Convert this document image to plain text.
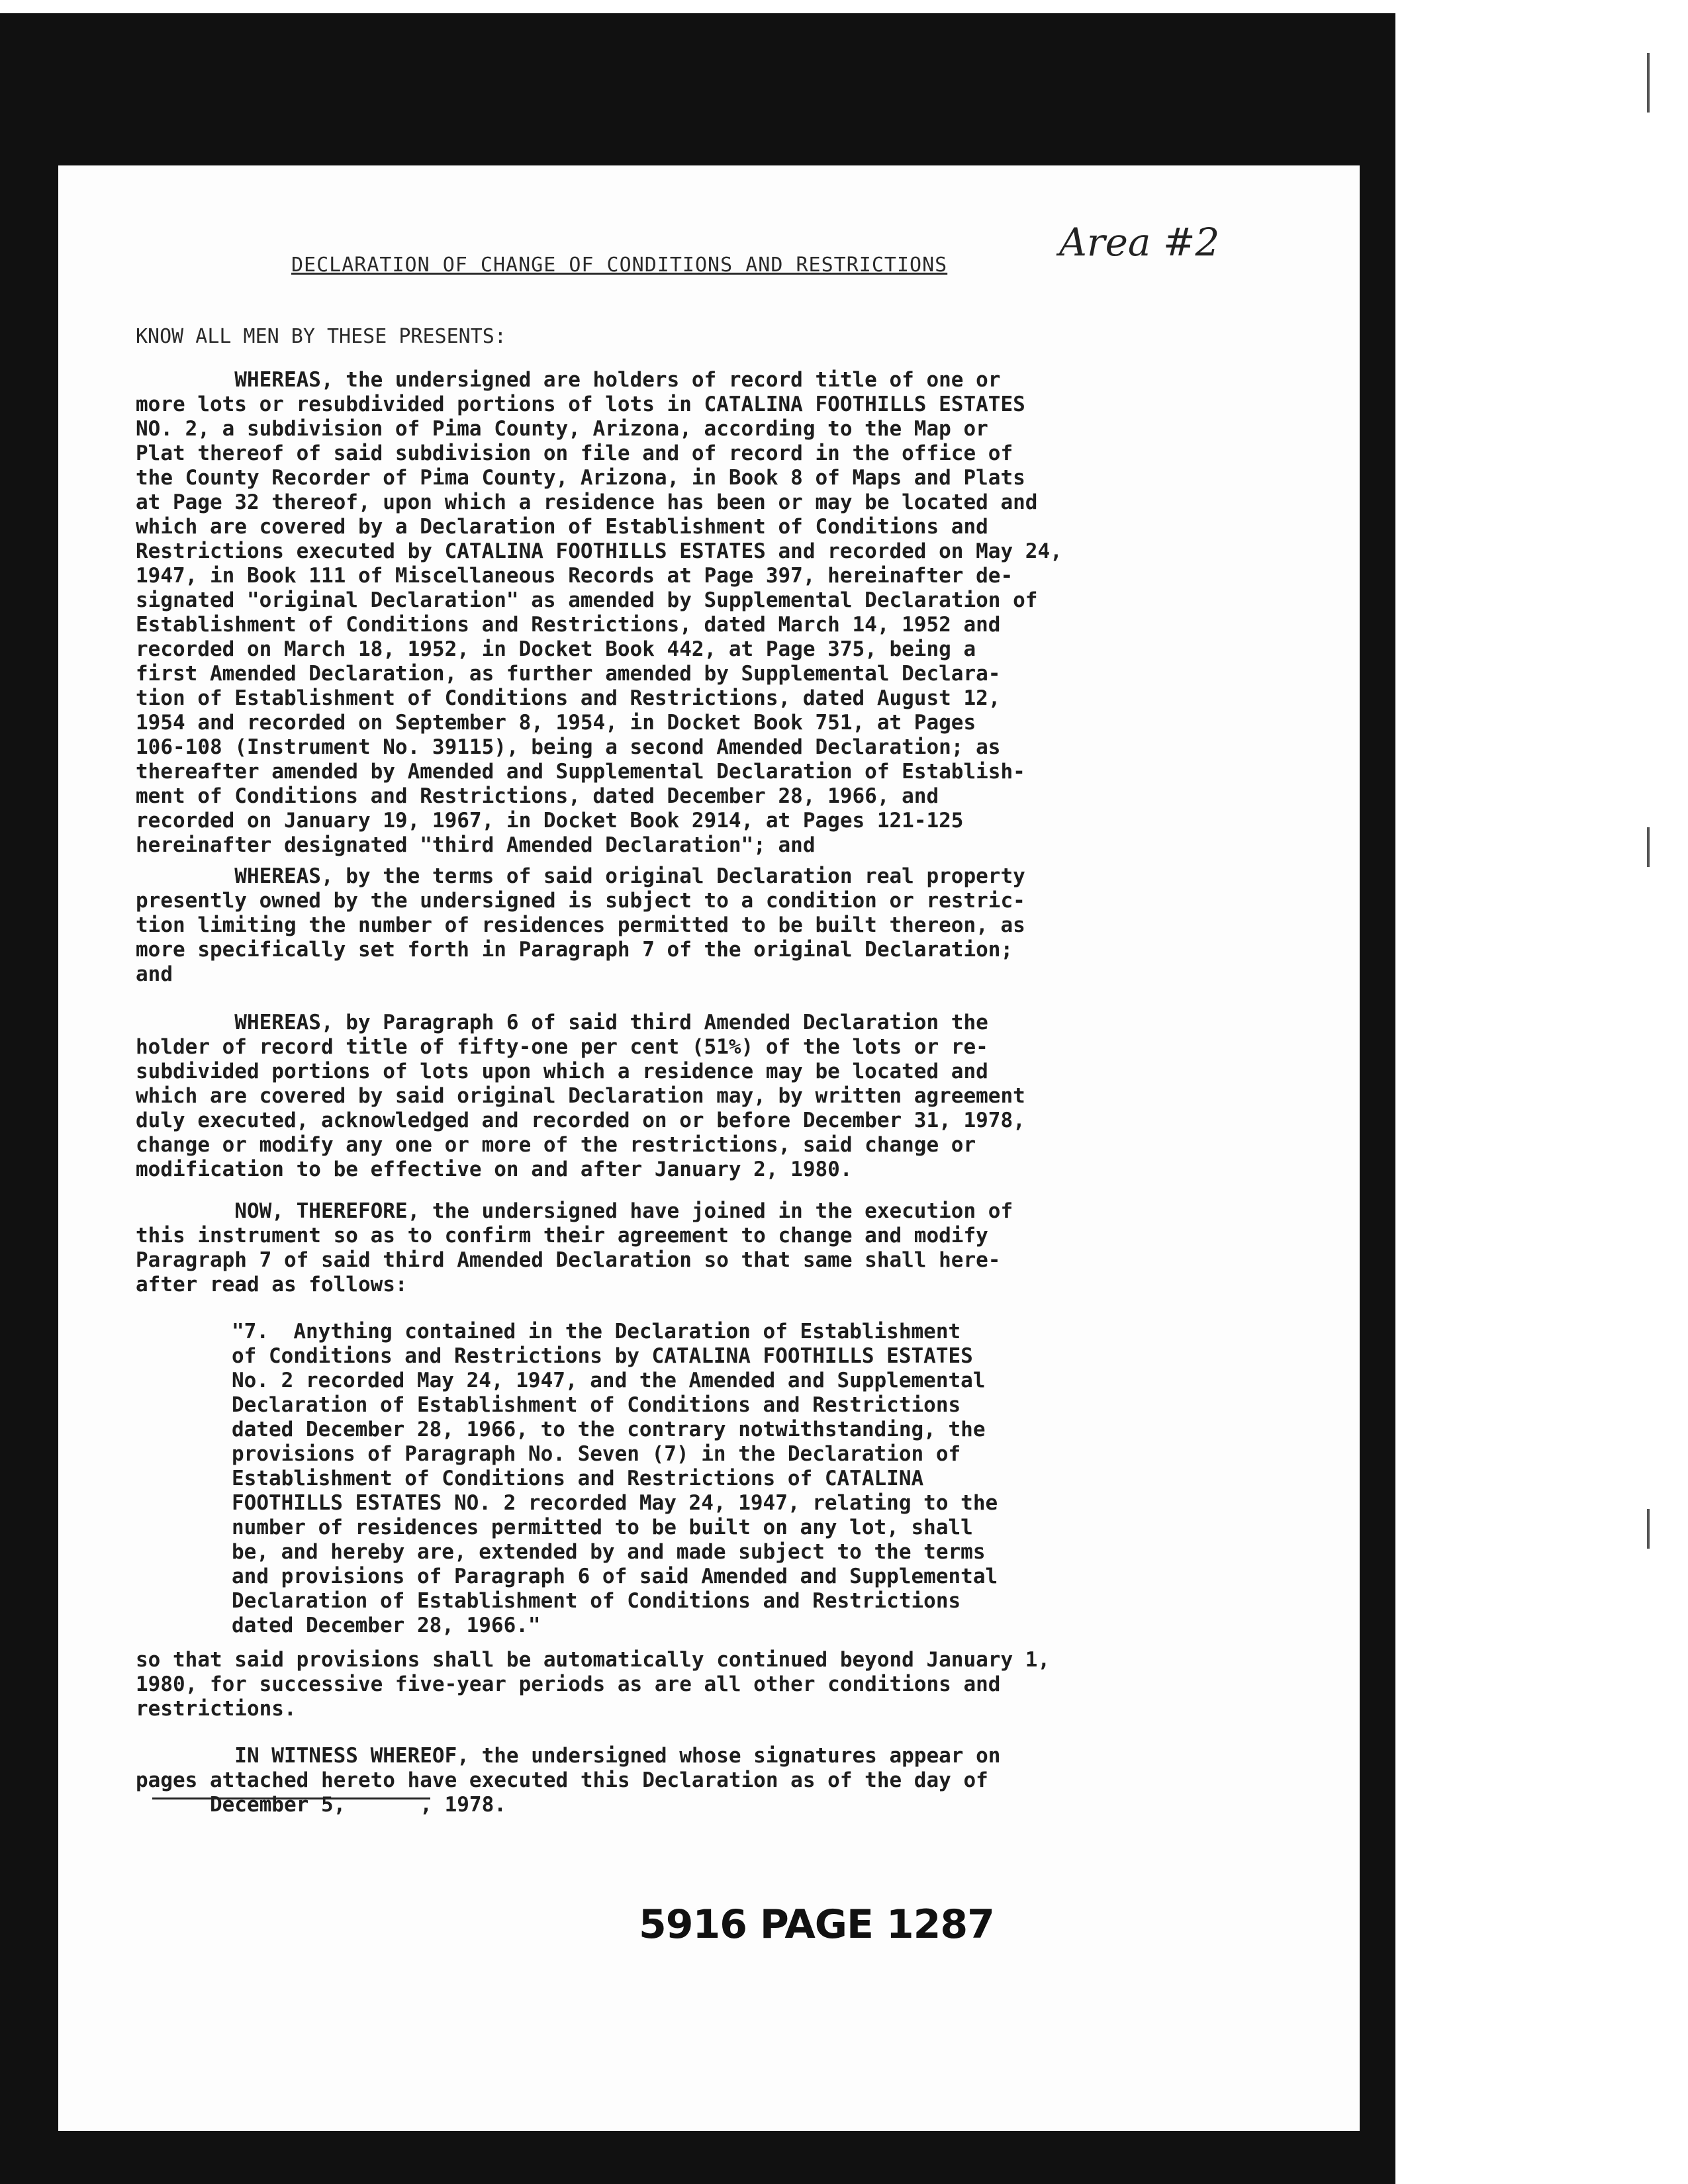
DECLARATION OF CHANGE OF CONDITIONS AND RESTRICTIONS
Area #2
KNOW ALL MEN BY THESE PRESENTS:
WHEREAS, the undersigned are holders of record title of one or
more lots or resubdivided portions of lots in CATALINA FOOTHILLS ESTATES
NO. 2, a subdivision of Pima County, Arizona, according to the Map or
Plat thereof of said subdivision on file and of record in the office of
the County Recorder of Pima County, Arizona, in Book 8 of Maps and Plats
at Page 32 thereof, upon which a residence has been or may be located and
which are covered by a Declaration of Establishment of Conditions and
Restrictions executed by CATALINA FOOTHILLS ESTATES and recorded on May 24,
1947, in Book 111 of Miscellaneous Records at Page 397, hereinafter de-
signated "original Declaration" as amended by Supplemental Declaration of
Establishment of Conditions and Restrictions, dated March 14, 1952 and
recorded on March 18, 1952, in Docket Book 442, at Page 375, being a
first Amended Declaration, as further amended by Supplemental Declara-
tion of Establishment of Conditions and Restrictions, dated August 12,
1954 and recorded on September 8, 1954, in Docket Book 751, at Pages
106-108 (Instrument No. 39115), being a second Amended Declaration; as
thereafter amended by Amended and Supplemental Declaration of Establish-
ment of Conditions and Restrictions, dated December 28, 1966, and
recorded on January 19, 1967, in Docket Book 2914, at Pages 121-125
hereinafter designated "third Amended Declaration"; and
WHEREAS, by the terms of said original Declaration real property
presently owned by the undersigned is subject to a condition or restric-
tion limiting the number of residences permitted to be built thereon, as
more specifically set forth in Paragraph 7 of the original Declaration;
and
WHEREAS, by Paragraph 6 of said third Amended Declaration the
holder of record title of fifty-one per cent (51%) of the lots or re-
subdivided portions of lots upon which a residence may be located and
which are covered by said original Declaration may, by written agreement
duly executed, acknowledged and recorded on or before December 31, 1978,
change or modify any one or more of the restrictions, said change or
modification to be effective on and after January 2, 1980.
NOW, THEREFORE, the undersigned have joined in the execution of
this instrument so as to confirm their agreement to change and modify
Paragraph 7 of said third Amended Declaration so that same shall here-
after read as follows:
"7.  Anything contained in the Declaration of Establishment
of Conditions and Restrictions by CATALINA FOOTHILLS ESTATES
No. 2 recorded May 24, 1947, and the Amended and Supplemental
Declaration of Establishment of Conditions and Restrictions
dated December 28, 1966, to the contrary notwithstanding, the
provisions of Paragraph No. Seven (7) in the Declaration of
Establishment of Conditions and Restrictions of CATALINA
FOOTHILLS ESTATES NO. 2 recorded May 24, 1947, relating to the
number of residences permitted to be built on any lot, shall
be, and hereby are, extended by and made subject to the terms
and provisions of Paragraph 6 of said Amended and Supplemental
Declaration of Establishment of Conditions and Restrictions
dated December 28, 1966."
so that said provisions shall be automatically continued beyond January 1,
1980, for successive five-year periods as are all other conditions and
restrictions.
IN WITNESS WHEREOF, the undersigned whose signatures appear on
pages attached hereto have executed this Declaration as of the day of
December 5,      , 1978.
5916 PAGE 1287
